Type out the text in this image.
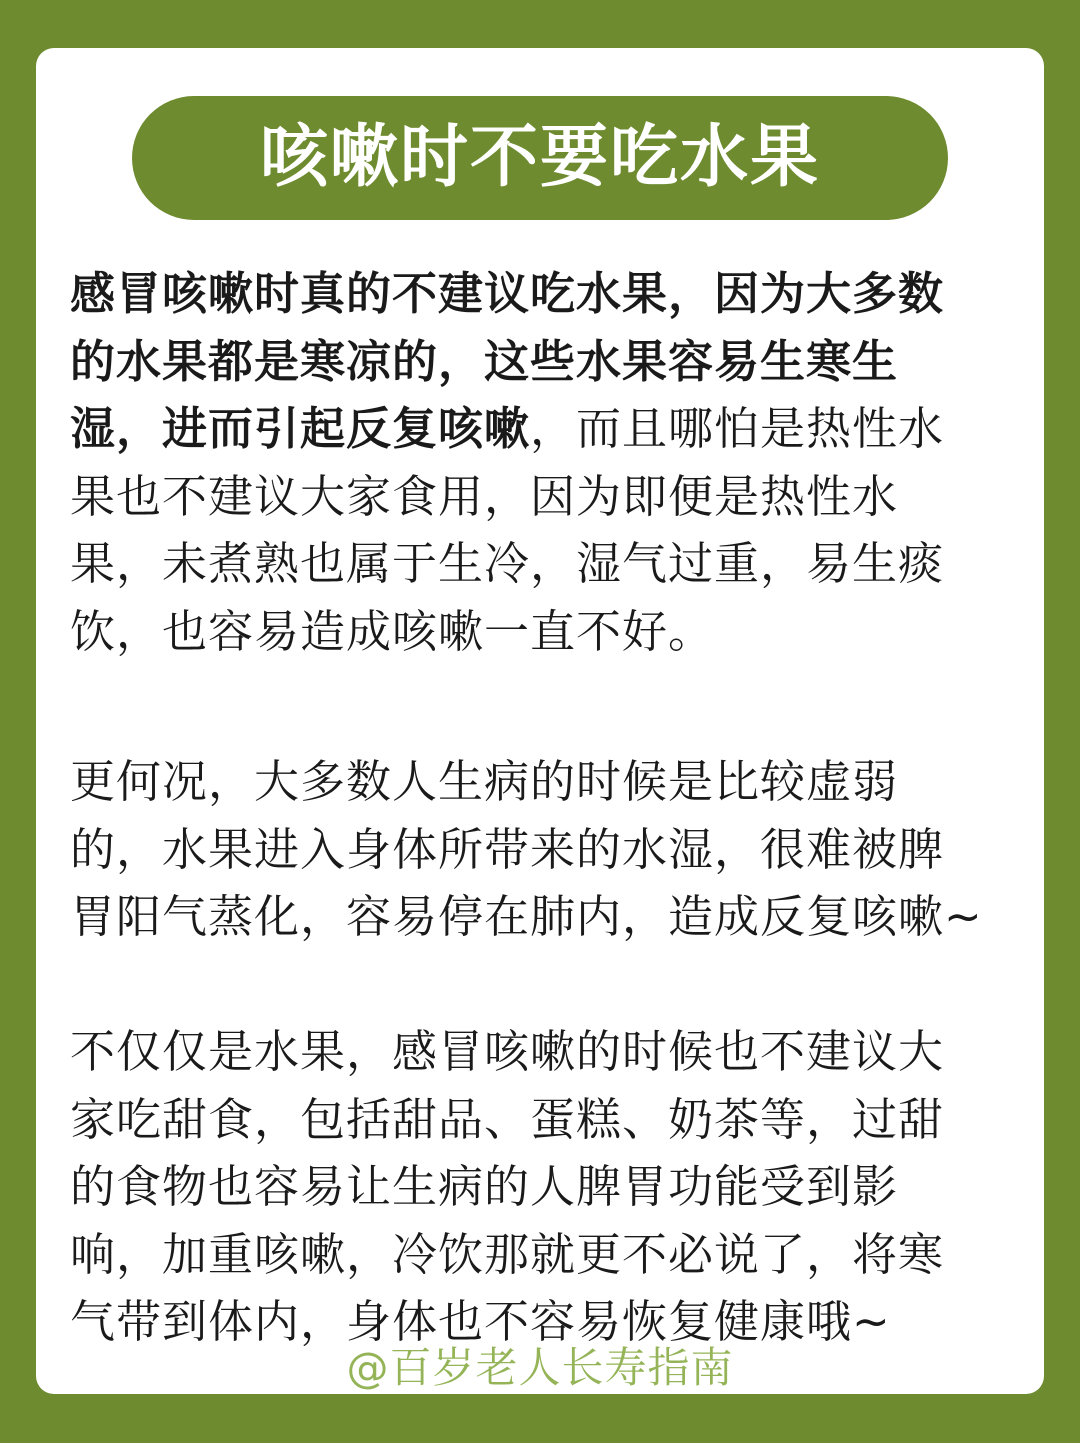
咳嗽时不要吃水果

感冒咳嗽时真的不建议吃水果，因为大多数
的水果都是寒凉的，这些水果容易生寒生
湿，进而引起反复咳嗽，而且哪怕是热性水
果也不建议大家食用，因为即便是热性水
果，未煮熟也属于生冷，湿气过重，易生痰
饮，也容易造成咳嗽一直不好。

更何况，大多数人生病的时候是比较虚弱
的，水果进入身体所带来的水湿，很难被脾
胃阳气蒸化，容易停在肺内，造成反复咳嗽~

不仅仅是水果，感冒咳嗽的时候也不建议大
家吃甜食，包括甜品、蛋糕、奶茶等，过甜
的食物也容易让生病的人脾胃功能受到影
响，加重咳嗽，冷饮那就更不必说了，将寒
气带到体内，身体也不容易恢复健康哦~

@百岁老人长寿指南
